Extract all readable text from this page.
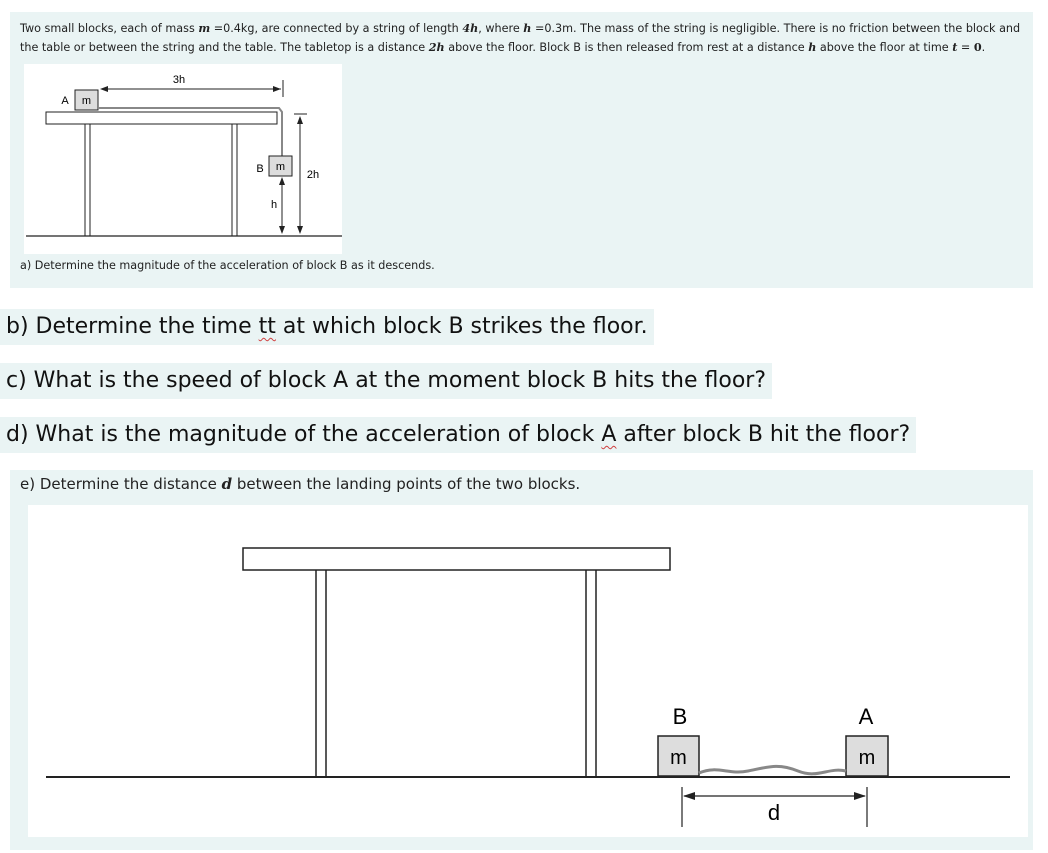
Two small blocks, each of mass m =0.4kg, are connected by a string of length 4h, where h =0.3m. The mass of the string is negligible. There is no friction between the block and the table or between the string and the table. The tabletop is a distance 2h above the floor. Block B is then released from rest at a distance h above the floor at time t = 0.
3h
A m
B m
h
2h
a) Determine the magnitude of the acceleration of block B as it descends.
b) Determine the time tt at which block B strikes the floor.
c) What is the speed of block A at the moment block B hits the floor?
d) What is the magnitude of the acceleration of block A after block B hit the floor?
e) Determine the distance d between the landing points of the two blocks.
B
m
A
m
d
